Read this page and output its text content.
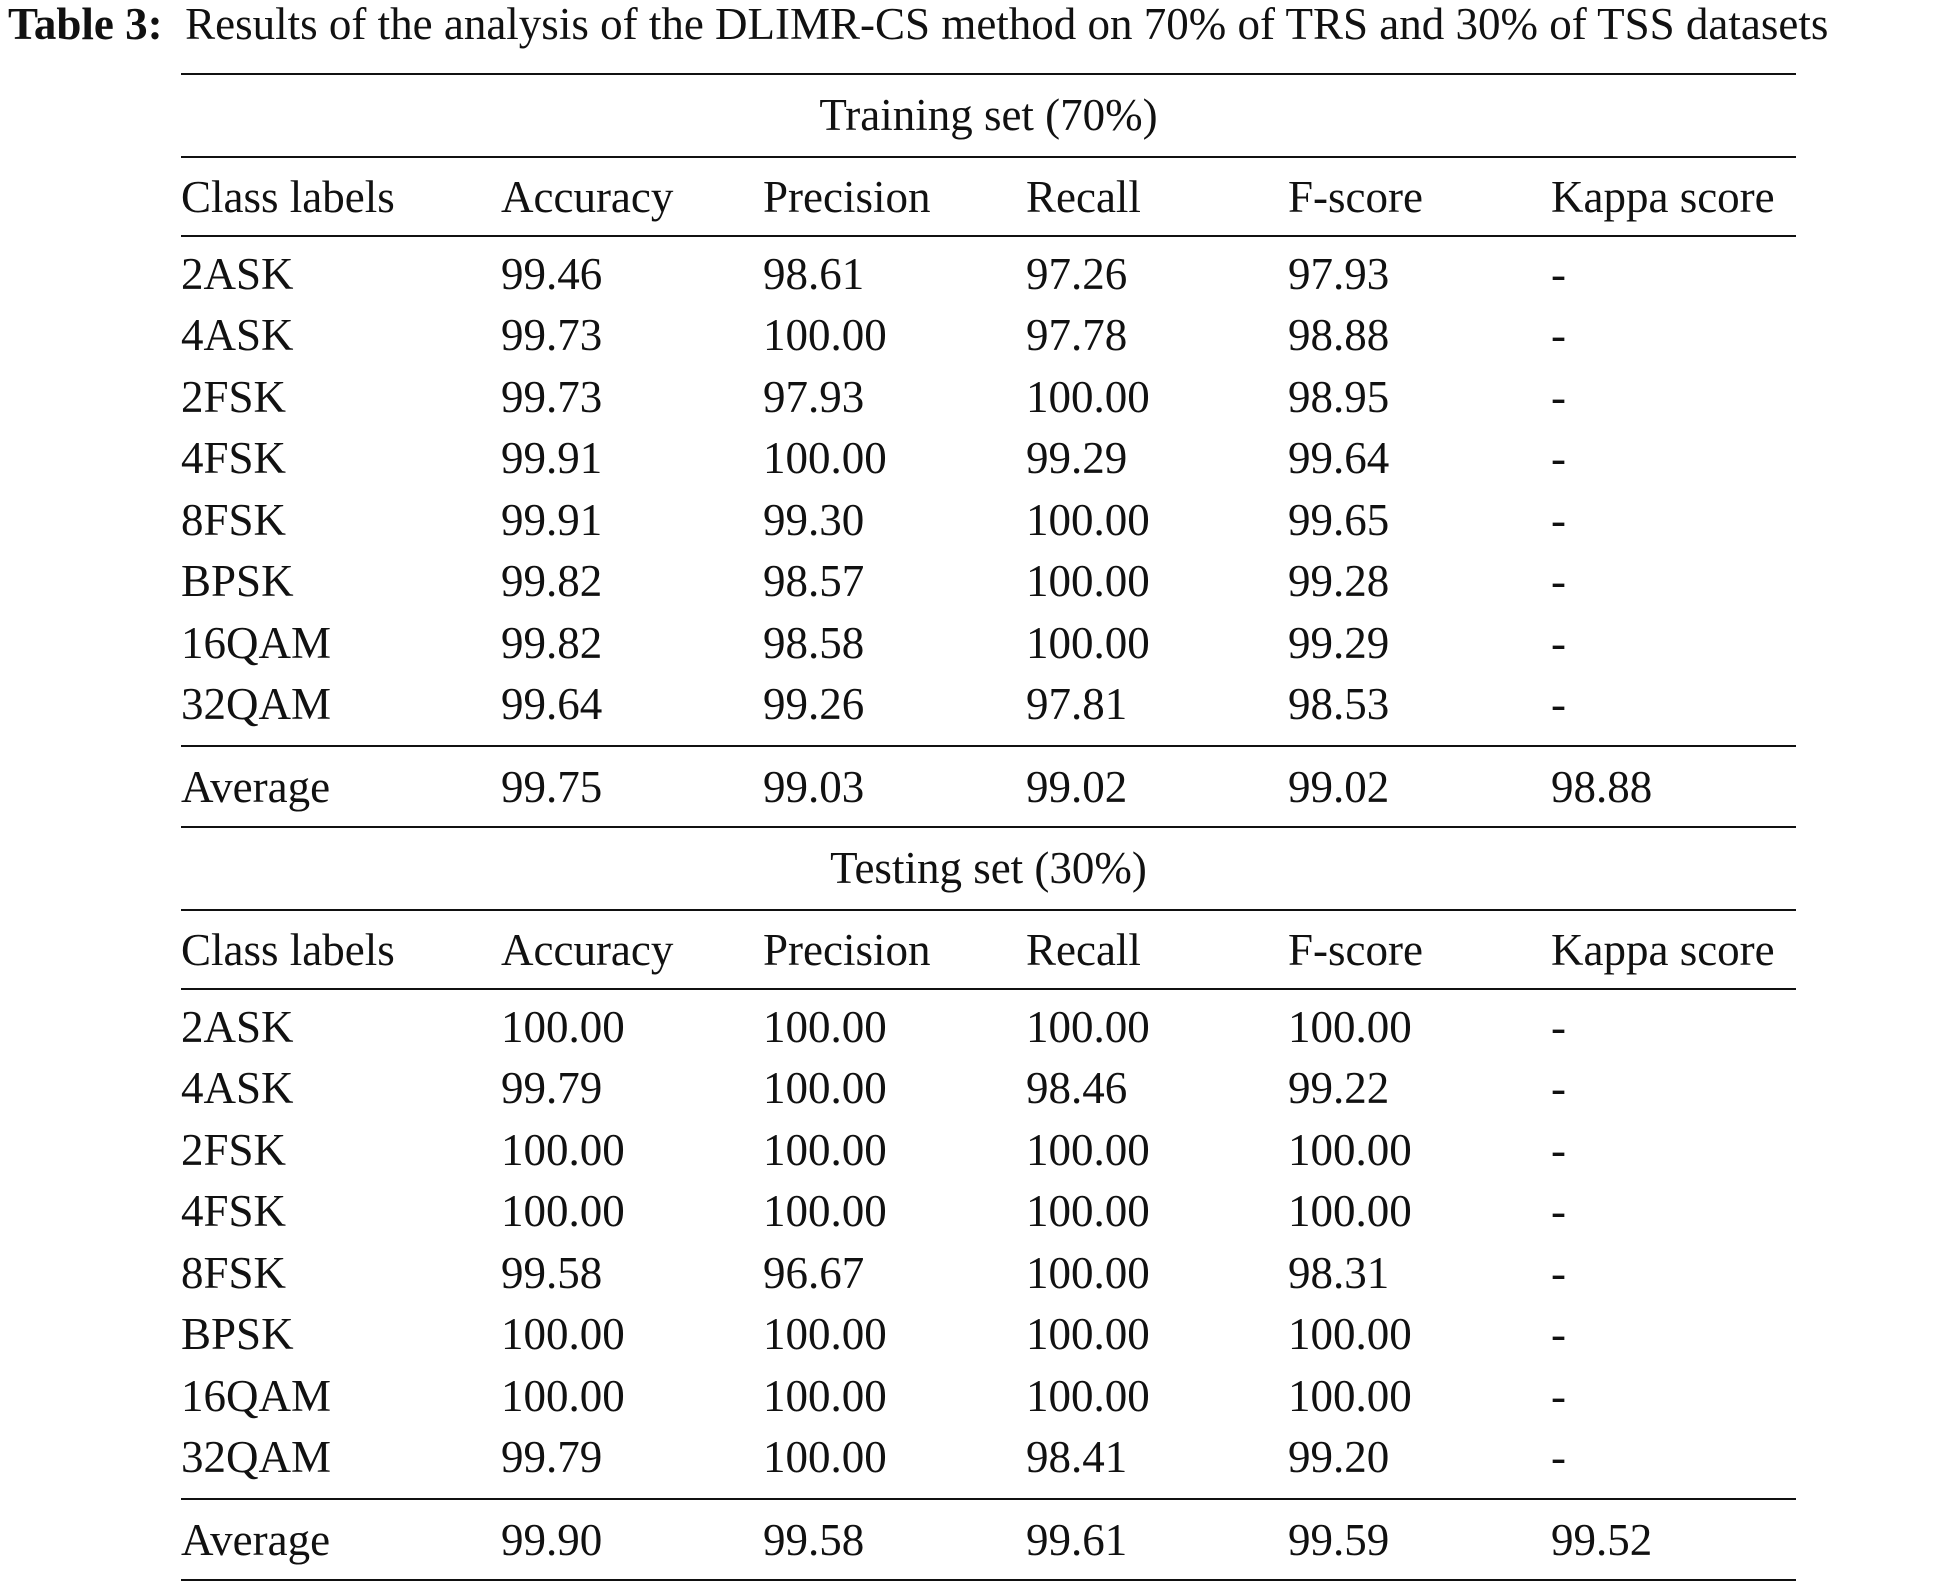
Table 3: Results of the analysis of the DLIMR-CS method on 70% of TRS and 30% of TSS datasets
Training set (70%)
Class labels	Accuracy	Precision	Recall	F-score	Kappa score
2ASK	99.46	98.61	97.26	97.93	-
4ASK	99.73	100.00	97.78	98.88	-
2FSK	99.73	97.93	100.00	98.95	-
4FSK	99.91	100.00	99.29	99.64	-
8FSK	99.91	99.30	100.00	99.65	-
BPSK	99.82	98.57	100.00	99.28	-
16QAM	99.82	98.58	100.00	99.29	-
32QAM	99.64	99.26	97.81	98.53	-
Average	99.75	99.03	99.02	99.02	98.88
Testing set (30%)
Class labels	Accuracy	Precision	Recall	F-score	Kappa score
2ASK	100.00	100.00	100.00	100.00	-
4ASK	99.79	100.00	98.46	99.22	-
2FSK	100.00	100.00	100.00	100.00	-
4FSK	100.00	100.00	100.00	100.00	-
8FSK	99.58	96.67	100.00	98.31	-
BPSK	100.00	100.00	100.00	100.00	-
16QAM	100.00	100.00	100.00	100.00	-
32QAM	99.79	100.00	98.41	99.20	-
Average	99.90	99.58	99.61	99.59	99.52
